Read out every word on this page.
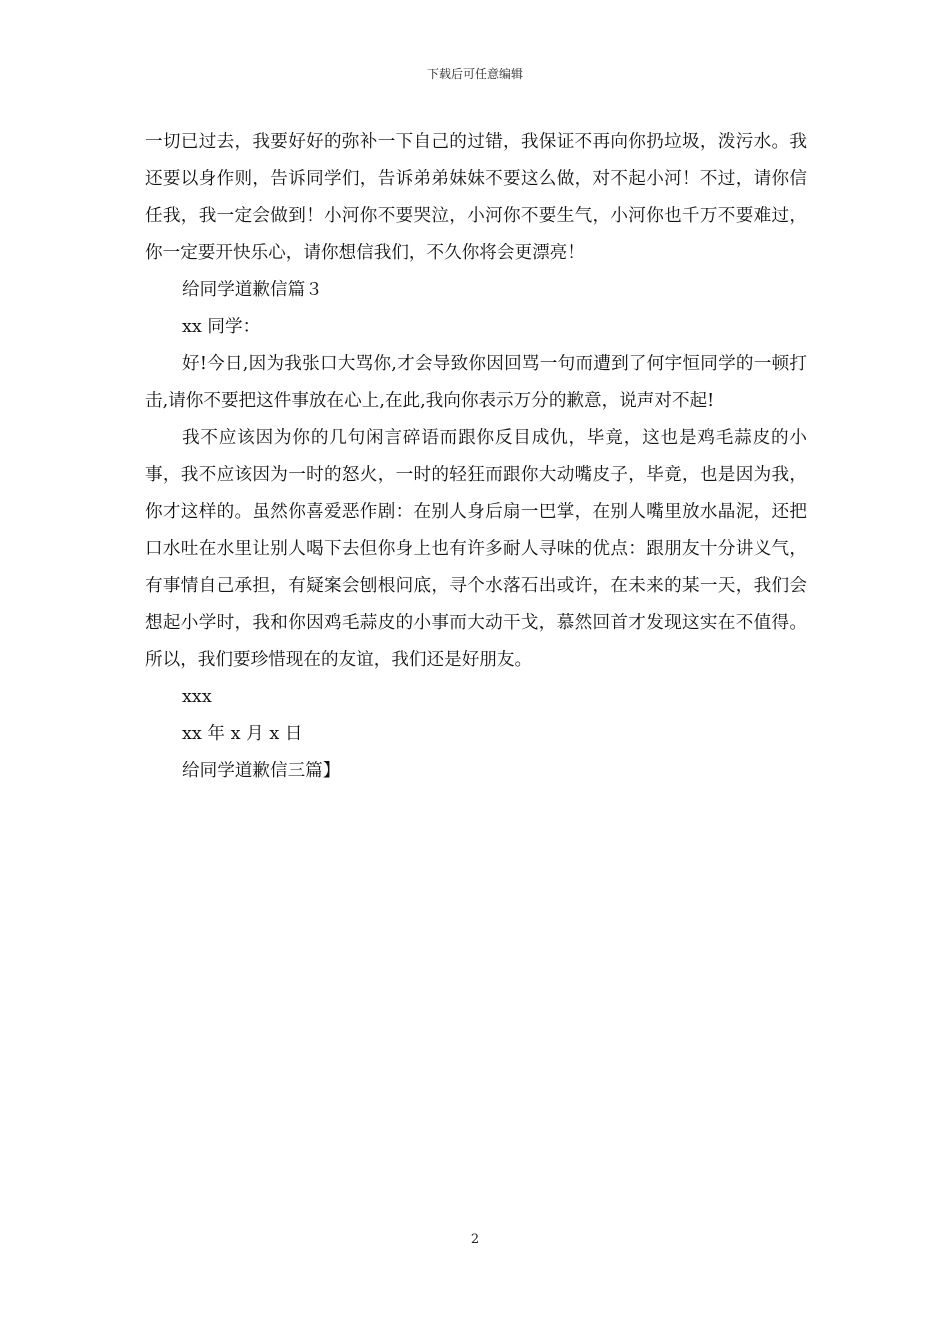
下载后可任意编辑

一切已过去，我要好好的弥补一下自己的过错，我保证不再向你扔垃圾，泼污水。我还要以身作则，告诉同学们，告诉弟弟妹妹不要这么做，对不起小河！不过，请你信任我，我一定会做到！小河你不要哭泣，小河你不要生气，小河你也千万不要难过，你一定要开快乐心，请你想信我们，不久你将会更漂亮！

给同学道歉信篇３

xx 同学：

好!今日,因为我张口大骂你,才会导致你因回骂一句而遭到了何宇恒同学的一顿打击,请你不要把这件事放在心上,在此,我向你表示万分的歉意，说声对不起!

我不应该因为你的几句闲言碎语而跟你反目成仇，毕竟，这也是鸡毛蒜皮的小事，我不应该因为一时的怒火，一时的轻狂而跟你大动嘴皮子，毕竟，也是因为我，你才这样的。虽然你喜爱恶作剧：在别人身后扇一巴掌，在别人嘴里放水晶泥，还把口水吐在水里让别人喝下去但你身上也有许多耐人寻味的优点：跟朋友十分讲义气，有事情自己承担，有疑案会刨根问底，寻个水落石出或许，在未来的某一天，我们会想起小学时，我和你因鸡毛蒜皮的小事而大动干戈，慕然回首才发现这实在不值得。所以，我们要珍惜现在的友谊，我们还是好朋友。

xxx

xx 年 x 月 x 日

给同学道歉信三篇】

2
